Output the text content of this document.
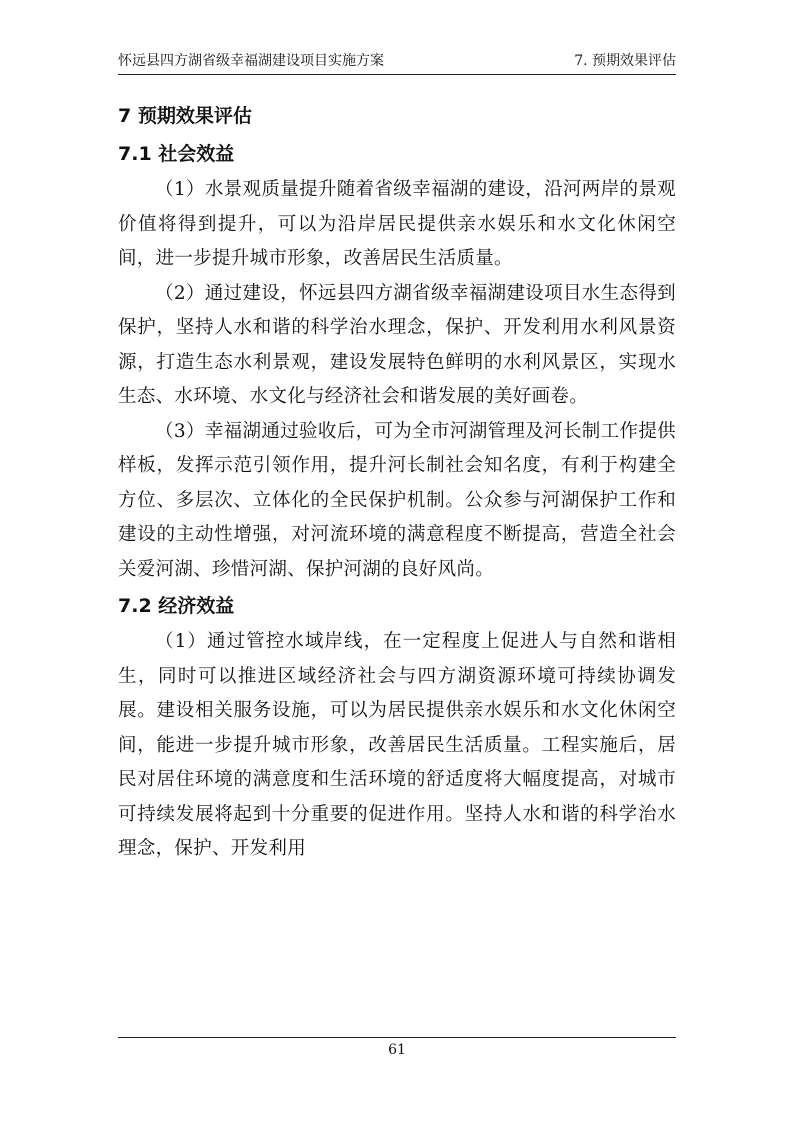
怀远县四方湖省级幸福湖建设项目实施方案	7. 预期效果评估
7 预期效果评估
7.1 社会效益

（1）水景观质量提升随着省级幸福湖的建设，沿河两岸的景观价值将得到提升，可以为沿岸居民提供亲水娱乐和水文化休闲空间，进一步提升城市形象，改善居民生活质量。

（2）通过建设，怀远县四方湖省级幸福湖建设项目水生态得到保护，坚持人水和谐的科学治水理念，保护、开发利用水利风景资源，打造生态水利景观，建设发展特色鲜明的水利风景区，实现水生态、水环境、水文化与经济社会和谐发展的美好画卷。

（3）幸福湖通过验收后，可为全市河湖管理及河长制工作提供样板，发挥示范引领作用，提升河长制社会知名度，有利于构建全方位、多层次、立体化的全民保护机制。公众参与河湖保护工作和建设的主动性增强，对河流环境的满意程度不断提高，营造全社会关爱河湖、珍惜河湖、保护河湖的良好风尚。

7.2 经济效益

（1）通过管控水域岸线，在一定程度上促进人与自然和谐相生，同时可以推进区域经济社会与四方湖资源环境可持续协调发展。建设相关服务设施，可以为居民提供亲水娱乐和水文化休闲空间，能进一步提升城市形象，改善居民生活质量。工程实施后，居民对居住环境的满意度和生活环境的舒适度将大幅度提高，对城市可持续发展将起到十分重要的促进作用。坚持人水和谐的科学治水理念，保护、开发利用

61
